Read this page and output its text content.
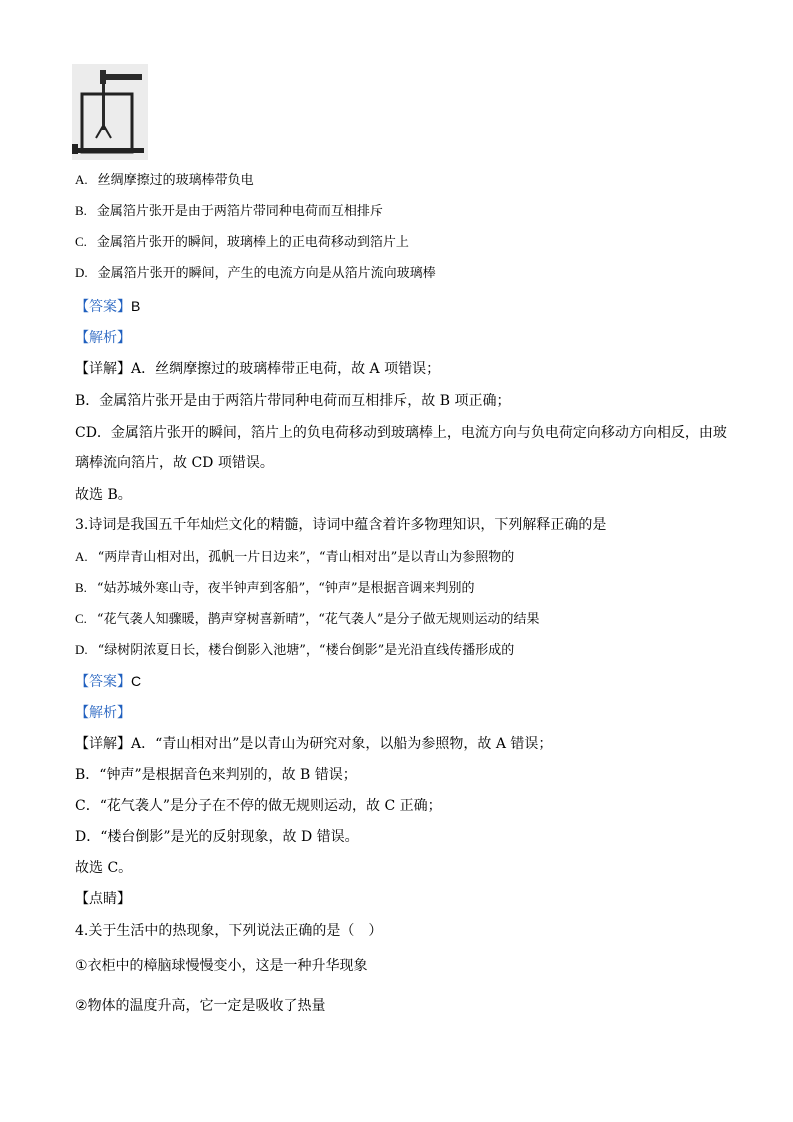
A. 丝绸摩擦过的玻璃棒带负电
B. 金属箔片张开是由于两箔片带同种电荷而互相排斥
C. 金属箔片张开的瞬间，玻璃棒上的正电荷移动到箔片上
D. 金属箔片张开的瞬间，产生的电流方向是从箔片流向玻璃棒
【答案】B
【解析】
【详解】A．丝绸摩擦过的玻璃棒带正电荷，故 A 项错误；
B．金属箔片张开是由于两箔片带同种电荷而互相排斥，故 B 项正确；
CD．金属箔片张开的瞬间，箔片上的负电荷移动到玻璃棒上，电流方向与负电荷定向移动方向相反，由玻
璃棒流向箔片，故 CD 项错误。
故选 B。
3.诗词是我国五千年灿烂文化的精髓，诗词中蕴含着许多物理知识，下列解释正确的是
A. “两岸青山相对出，孤帆一片日边来”，“青山相对出”是以青山为参照物的
B. “姑苏城外寒山寺，夜半钟声到客船”，“钟声”是根据音调来判别的
C. “花气袭人知骤暖，鹊声穿树喜新晴”，“花气袭人”是分子做无规则运动的结果
D. “绿树阴浓夏日长，楼台倒影入池塘”，“楼台倒影”是光沿直线传播形成的
【答案】C
【解析】
【详解】A．“青山相对出”是以青山为研究对象，以船为参照物，故 A 错误；
B．“钟声”是根据音色来判别的，故 B 错误；
C．“花气袭人”是分子在不停的做无规则运动，故 C 正确；
D．“楼台倒影”是光的反射现象，故 D 错误。
故选 C。
【点睛】
4.关于生活中的热现象，下列说法正确的是（　）
①衣柜中的樟脑球慢慢变小，这是一种升华现象
②物体的温度升高，它一定是吸收了热量
